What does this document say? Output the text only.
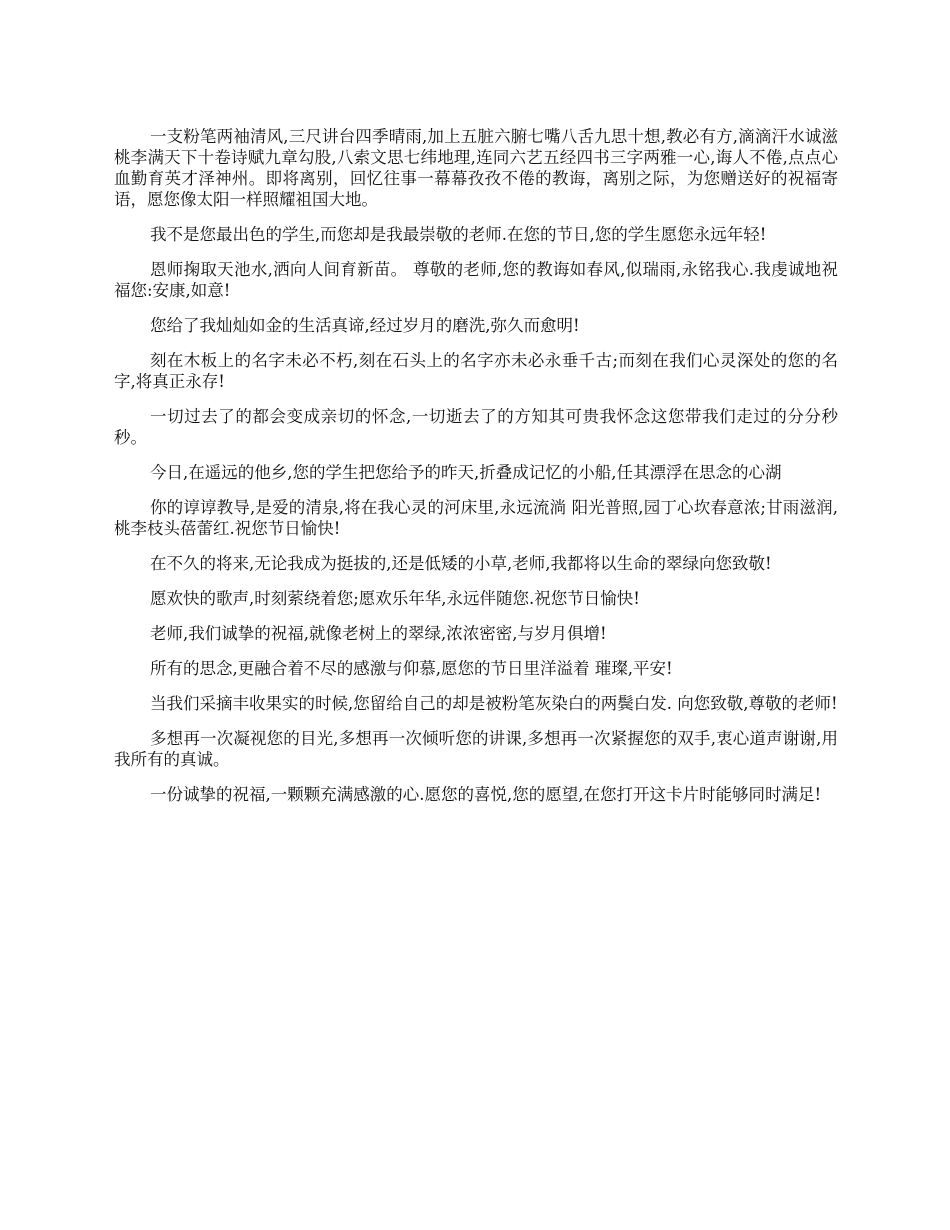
一支粉笔两袖清风,三尺讲台四季晴雨,加上五脏六腑七嘴八舌九思十想,教必有方,滴滴汗水诚滋桃李满天下十卷诗赋九章勾股,八索文思七纬地理,连同六艺五经四书三字两雅一心,诲人不倦,点点心血勤育英才泽神州。即将离别，回忆往事一幕幕孜孜不倦的教诲，离别之际，为您赠送好的祝福寄语，愿您像太阳一样照耀祖国大地。

我不是您最出色的学生,而您却是我最崇敬的老师.在您的节日,您的学生愿您永远年轻!

恩师掬取天池水,洒向人间育新苗。 尊敬的老师,您的教诲如春风,似瑞雨,永铭我心.我虔诚地祝福您:安康,如意!

您给了我灿灿如金的生活真谛,经过岁月的磨洗,弥久而愈明!

刻在木板上的名字未必不朽,刻在石头上的名字亦未必永垂千古;而刻在我们心灵深处的您的名字,将真正永存!

一切过去了的都会变成亲切的怀念,一切逝去了的方知其可贵我怀念这您带我们走过的分分秒秒。

今日,在遥远的他乡,您的学生把您给予的昨天,折叠成记忆的小船,任其漂浮在思念的心湖

你的谆谆教导,是爱的清泉,将在我心灵的河床里,永远流淌 阳光普照,园丁心坎春意浓;甘雨滋润,桃李枝头蓓蕾红.祝您节日愉快!

在不久的将来,无论我成为挺拔的,还是低矮的小草,老师,我都将以生命的翠绿向您致敬!

愿欢快的歌声,时刻萦绕着您;愿欢乐年华,永远伴随您.祝您节日愉快!

老师,我们诚挚的祝福,就像老树上的翠绿,浓浓密密,与岁月俱增!

所有的思念,更融合着不尽的感激与仰慕,愿您的节日里洋溢着 璀璨,平安!

当我们采摘丰收果实的时候,您留给自己的却是被粉笔灰染白的两鬓白发. 向您致敬,尊敬的老师!

多想再一次凝视您的目光,多想再一次倾听您的讲课,多想再一次紧握您的双手,衷心道声谢谢,用我所有的真诚。

一份诚挚的祝福,一颗颗充满感激的心.愿您的喜悦,您的愿望,在您打开这卡片时能够同时满足!
